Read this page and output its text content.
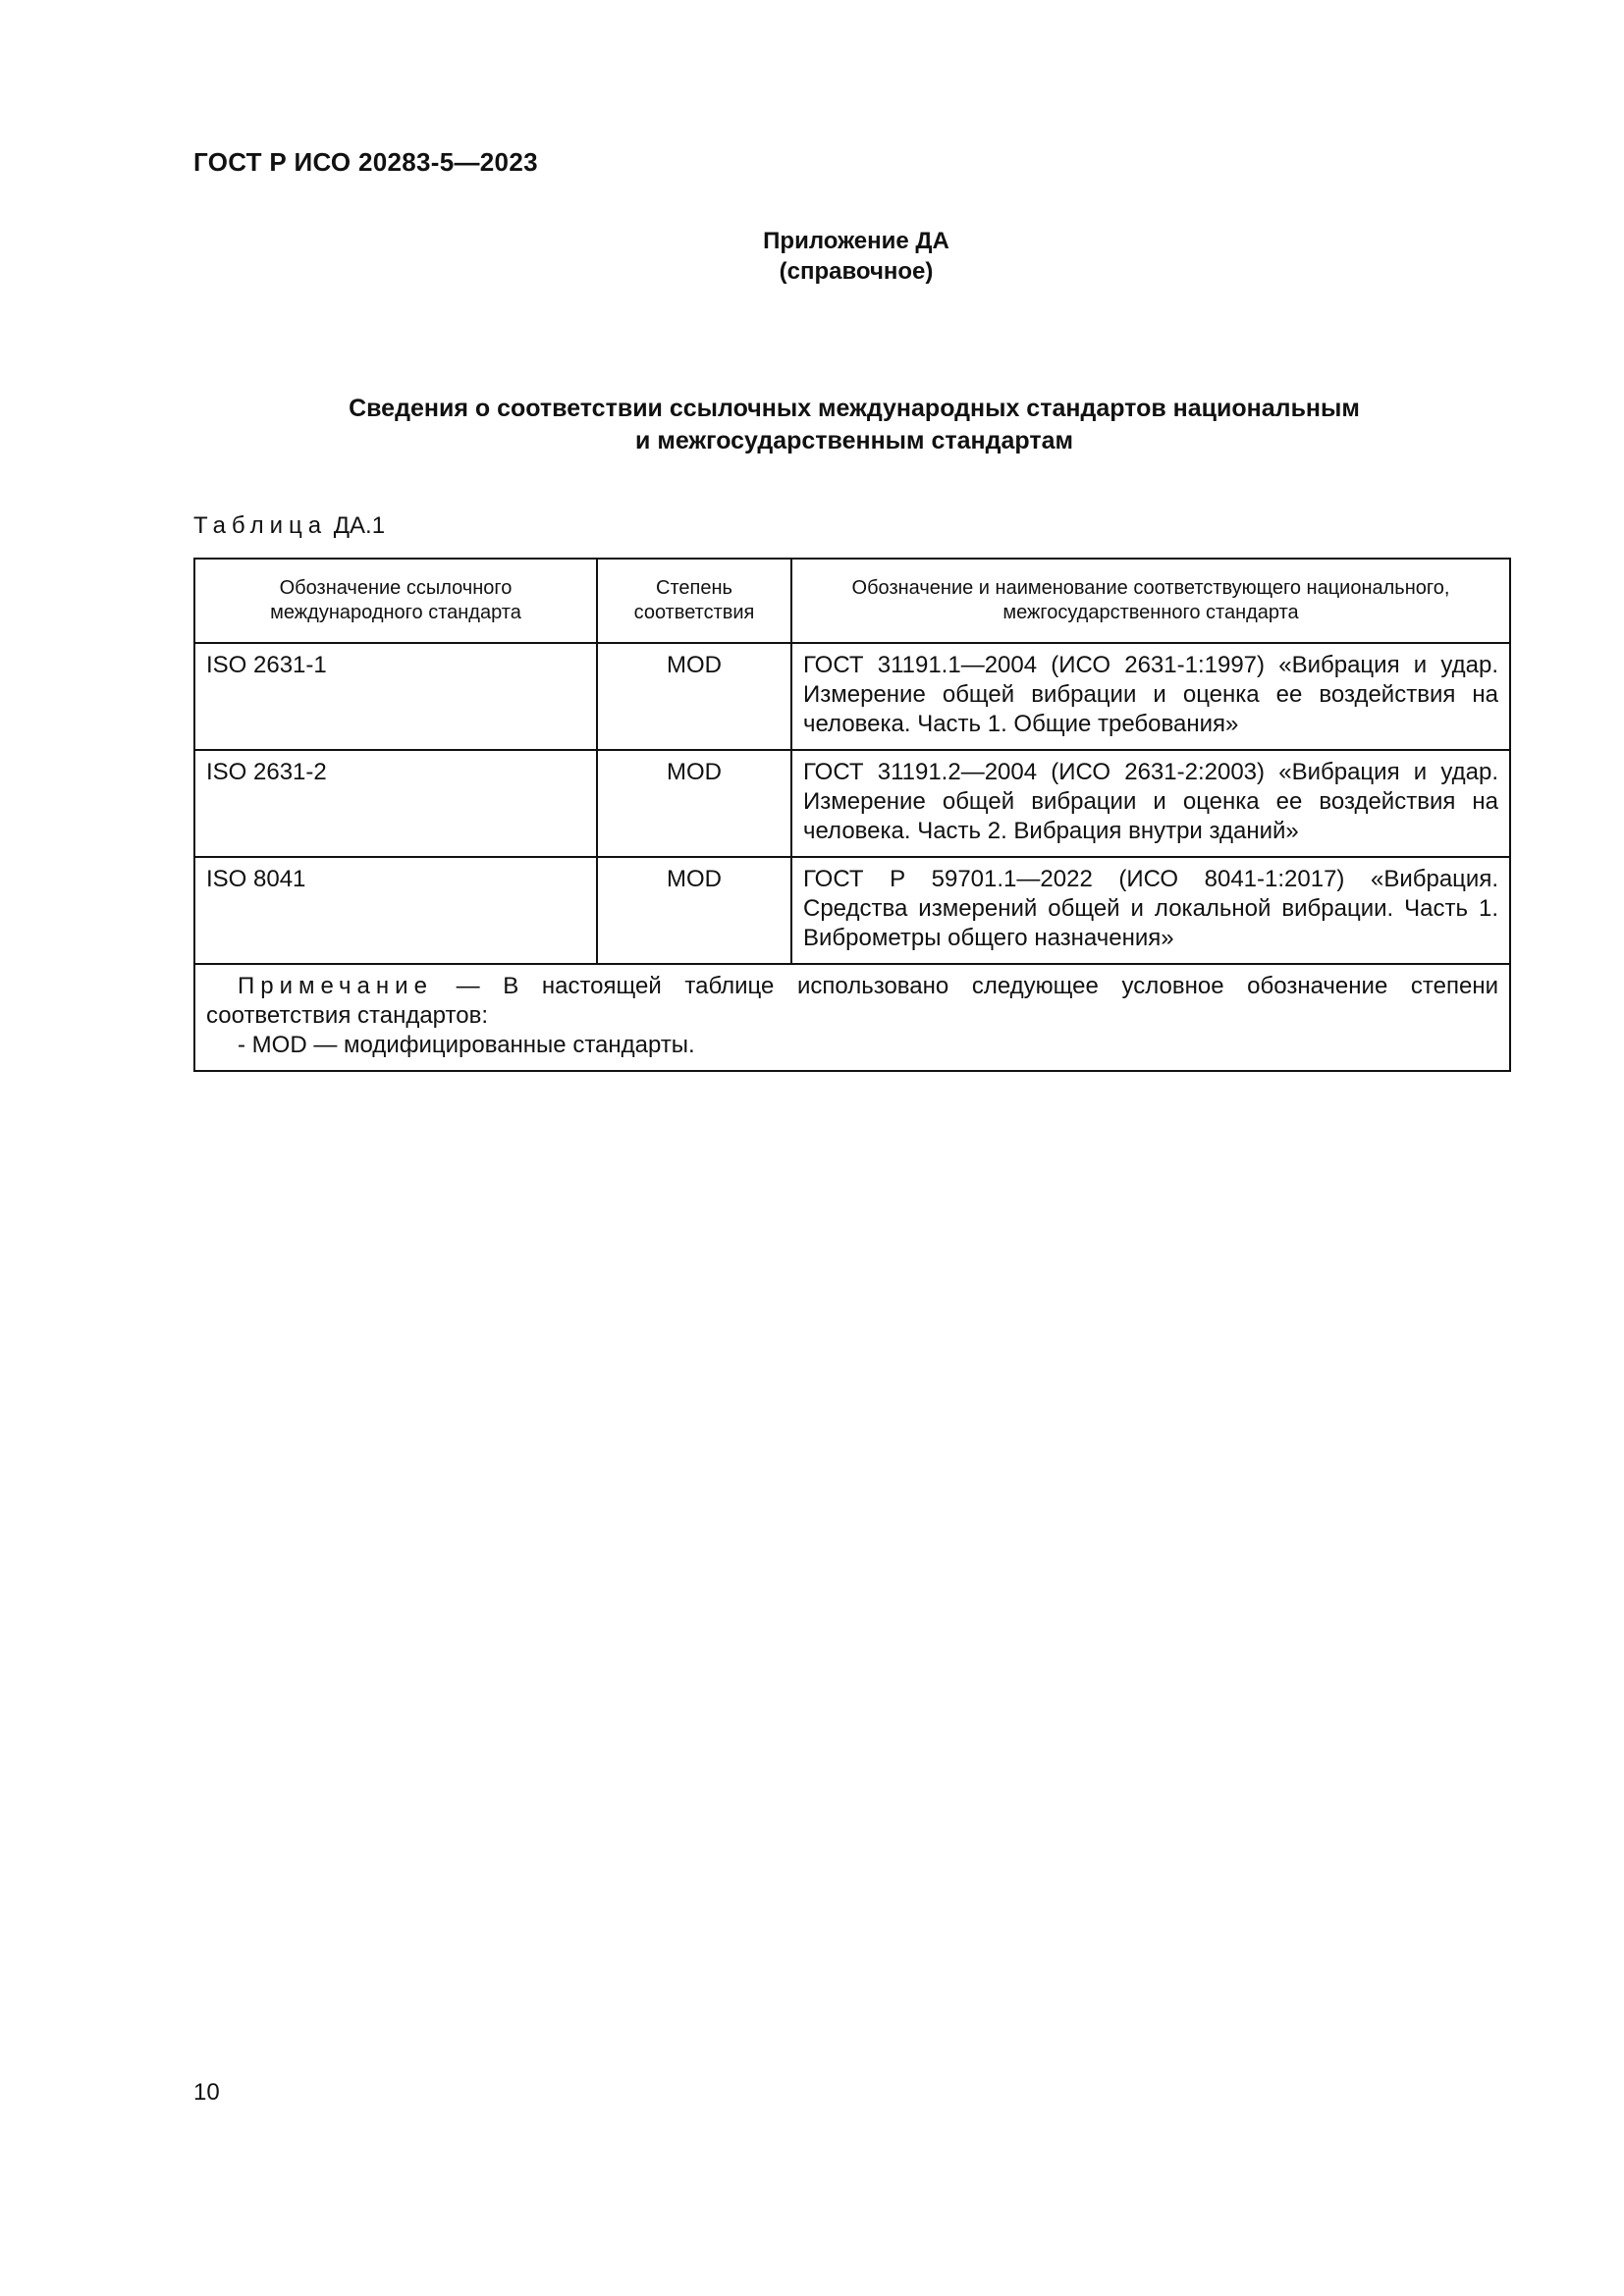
ГОСТ Р ИСО 20283-5—2023
Приложение ДА
(справочное)
Сведения о соответствии ссылочных международных стандартов национальным
и межгосударственным стандартам
Таблица ДА.1
Обозначение ссылочного международного стандарта	Степень соответствия	Обозначение и наименование соответствующего национального, межгосударственного стандарта
ISO 2631-1	MOD	ГОСТ 31191.1—2004 (ИСО 2631-1:1997) «Вибрация и удар. Измерение общей вибрации и оценка ее воздействия на человека. Часть 1. Общие требования»
ISO 2631-2	MOD	ГОСТ 31191.2—2004 (ИСО 2631-2:2003) «Вибрация и удар. Измерение общей вибрации и оценка ее воздействия на человека. Часть 2. Вибрация внутри зданий»
ISO 8041	MOD	ГОСТ Р 59701.1—2022 (ИСО 8041-1:2017) «Вибрация. Средства измерений общей и локальной вибрации. Часть 1. Виброметры общего назначения»

Примечание — В настоящей таблице использовано следующее условное обозначение степени соответствия стандартов:
- MOD — модифицированные стандарты.		
10
